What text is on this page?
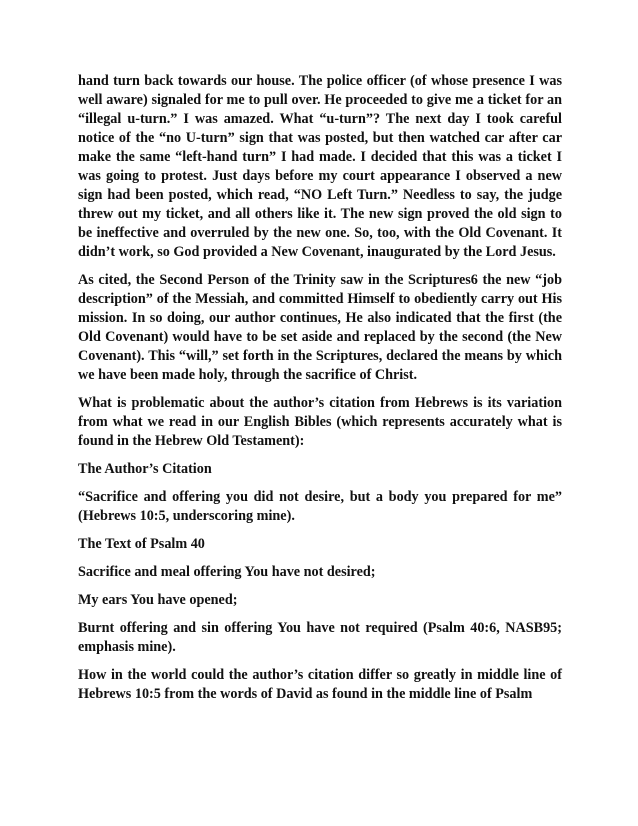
hand turn back towards our house. The police officer (of whose presence I was well aware) signaled for me to pull over. He proceeded to give me a ticket for an “illegal u-turn.” I was amazed. What “u-turn”? The next day I took careful notice of the “no U-turn” sign that was posted, but then watched car after car make the same “left-hand turn” I had made. I decided that this was a ticket I was going to protest. Just days before my court appearance I observed a new sign had been posted, which read, “NO Left Turn.” Needless to say, the judge threw out my ticket, and all others like it. The new sign proved the old sign to be ineffective and overruled by the new one. So, too, with the Old Covenant. It didn’t work, so God provided a New Covenant, inaugurated by the Lord Jesus.

As cited, the Second Person of the Trinity saw in the Scriptures6 the new “job description” of the Messiah, and committed Himself to obediently carry out His mission. In so doing, our author continues, He also indicated that the first (the Old Covenant) would have to be set aside and replaced by the second (the New Covenant). This “will,” set forth in the Scriptures, declared the means by which we have been made holy, through the sacrifice of Christ.

What is problematic about the author’s citation from Hebrews is its variation from what we read in our English Bibles (which represents accurately what is found in the Hebrew Old Testament):

The Author’s Citation

“Sacrifice and offering you did not desire, but a body you prepared for me” (Hebrews 10:5, underscoring mine).

The Text of Psalm 40

Sacrifice and meal offering You have not desired;

My ears You have opened;

Burnt offering and sin offering You have not required (Psalm 40:6, NASB95; emphasis mine).

How in the world could the author’s citation differ so greatly in middle line of Hebrews 10:5 from the words of David as found in the middle line of Psalm
